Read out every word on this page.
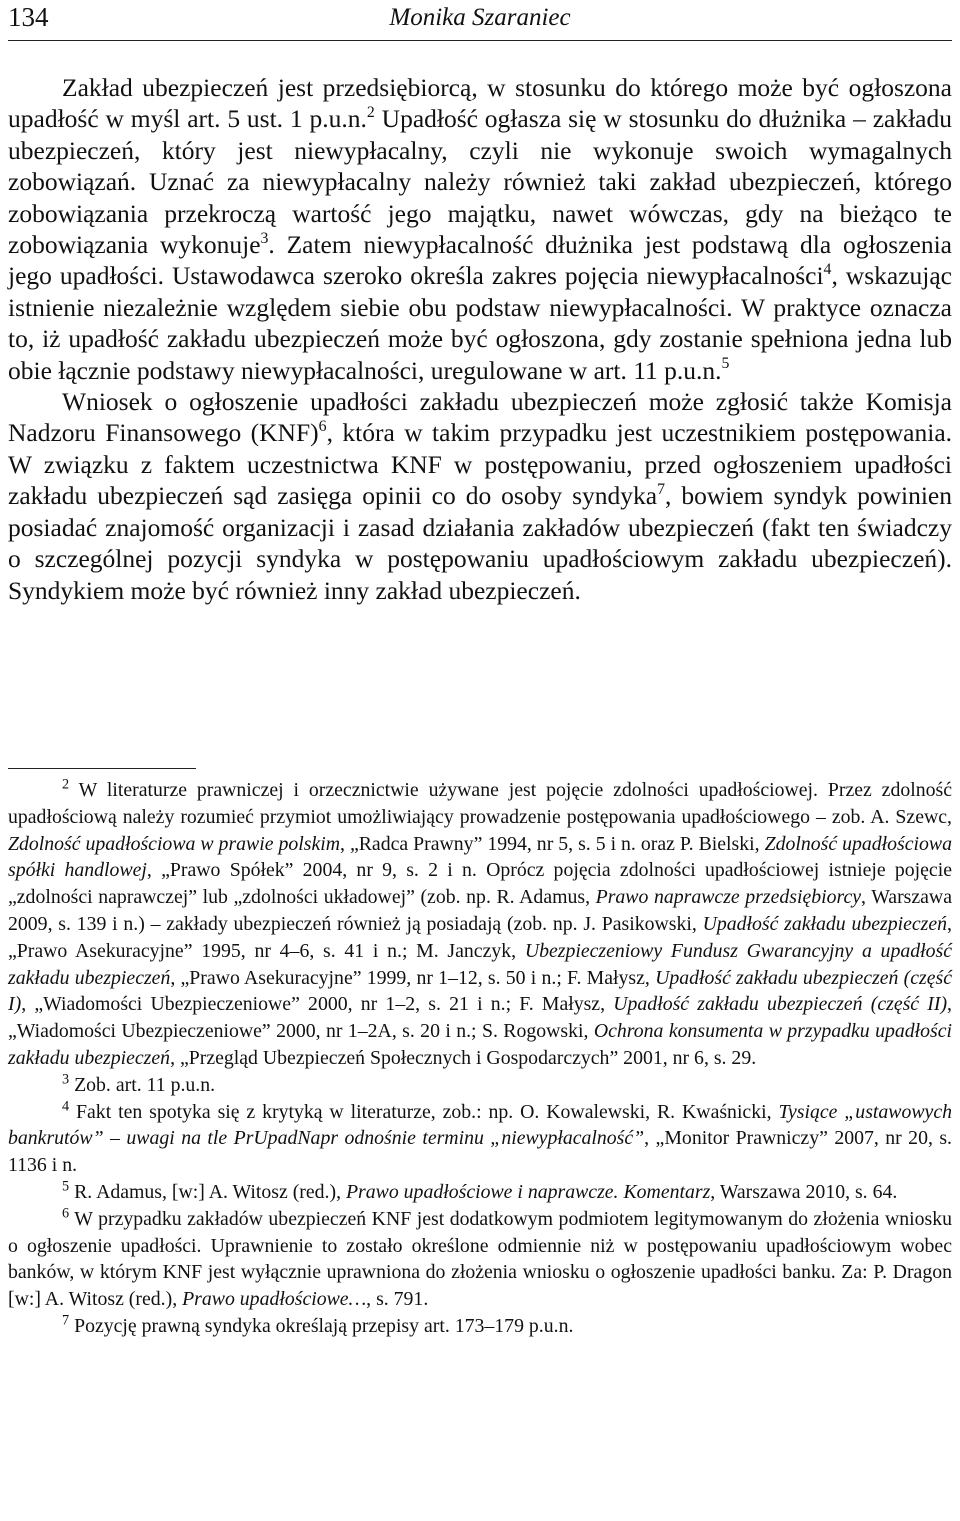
134	Monika Szaraniec

Zakład ubezpieczeń jest przedsiębiorcą, w stosunku do którego może być ogłoszona upadłość w myśl art. 5 ust. 1 p.u.n.$^2$ Upadłość ogłasza się w stosunku do dłużnika – zakładu ubezpieczeń, który jest niewypłacalny, czyli nie wykonuje swoich wymagalnych zobowiązań. Uznać za niewypłacalny należy również taki zakład ubezpieczeń, którego zobowiązania przekroczą wartość jego majątku, nawet wówczas, gdy na bieżąco te zobowiązania wykonuje$^3$. Zatem niewypłacalność dłużnika jest podstawą dla ogłoszenia jego upadłości. Ustawodawca szeroko określa zakres pojęcia niewypłacalności$^4$, wskazując istnienie niezależnie względem siebie obu podstaw niewypłacalności. W praktyce oznacza to, iż upadłość zakładu ubezpieczeń może być ogłoszona, gdy zostanie spełniona jedna lub obie łącznie podstawy niewypłacalności, uregulowane w art. 11 p.u.n.$^5$

Wniosek o ogłoszenie upadłości zakładu ubezpieczeń może zgłosić także Komisja Nadzoru Finansowego (KNF)$^6$, która w takim przypadku jest uczestnikiem postępowania. W związku z faktem uczestnictwa KNF w postępowaniu, przed ogłoszeniem upadłości zakładu ubezpieczeń sąd zasięga opinii co do osoby syndyka$^7$, bowiem syndyk powinien posiadać znajomość organizacji i zasad działania zakładów ubezpieczeń (fakt ten świadczy o szczególnej pozycji syndyka w postępowaniu upadłościowym zakładu ubezpieczeń). Syndykiem może być również inny zakład ubezpieczeń.

$^2$ W literaturze prawniczej i orzecznictwie używane jest pojęcie zdolności upadłościowej. Przez zdolność upadłościową należy rozumieć przymiot umożliwiający prowadzenie postępowania upadłościowego – zob. A. Szewc, Zdolność upadłościowa w prawie polskim, „Radca Prawny” 1994, nr 5, s. 5 i n. oraz P. Bielski, Zdolność upadłościowa spółki handlowej, „Prawo Spółek” 2004, nr 9, s. 2 i n. Oprócz pojęcia zdolności upadłościowej istnieje pojęcie „zdolności naprawczej” lub „zdolności układowej” (zob. np. R. Adamus, Prawo naprawcze przedsiębiorcy, Warszawa 2009, s. 139 i n.) – zakłady ubezpieczeń również ją posiadają (zob. np. J. Pasikowski, Upadłość zakładu ubezpieczeń, „Prawo Asekuracyjne” 1995, nr 4–6, s. 41 i n.; M. Janczyk, Ubezpieczeniowy Fundusz Gwarancyjny a upadłość zakładu ubezpieczeń, „Prawo Asekuracyjne” 1999, nr 1–12, s. 50 i n.; F. Małysz, Upadłość zakładu ubezpieczeń (część I), „Wiadomości Ubezpieczeniowe” 2000, nr 1–2, s. 21 i n.; F. Małysz, Upadłość zakładu ubezpieczeń (część II), „Wiadomości Ubezpieczeniowe” 2000, nr 1–2A, s. 20 i n.; S. Rogowski, Ochrona konsumenta w przypadku upadłości zakładu ubezpieczeń, „Przegląd Ubezpieczeń Społecznych i Gospodarczych” 2001, nr 6, s. 29.

$^3$ Zob. art. 11 p.u.n.

$^4$ Fakt ten spotyka się z krytyką w literaturze, zob.: np. O. Kowalewski, R. Kwaśnicki, Tysiące „ustawowych bankrutów” – uwagi na tle PrUpadNapr odnośnie terminu „niewypłacalność”, „Monitor Prawniczy” 2007, nr 20, s. 1136 i n.

$^5$ R. Adamus, [w:] A. Witosz (red.), Prawo upadłościowe i naprawcze. Komentarz, Warszawa 2010, s. 64.

$^6$ W przypadku zakładów ubezpieczeń KNF jest dodatkowym podmiotem legitymowanym do złożenia wniosku o ogłoszenie upadłości. Uprawnienie to zostało określone odmiennie niż w postępowaniu upadłościowym wobec banków, w którym KNF jest wyłącznie uprawniona do złożenia wniosku o ogłoszenie upadłości banku. Za: P. Dragon [w:] A. Witosz (red.), Prawo upadłościowe…, s. 791.

$^7$ Pozycję prawną syndyka określają przepisy art. 173–179 p.u.n.
